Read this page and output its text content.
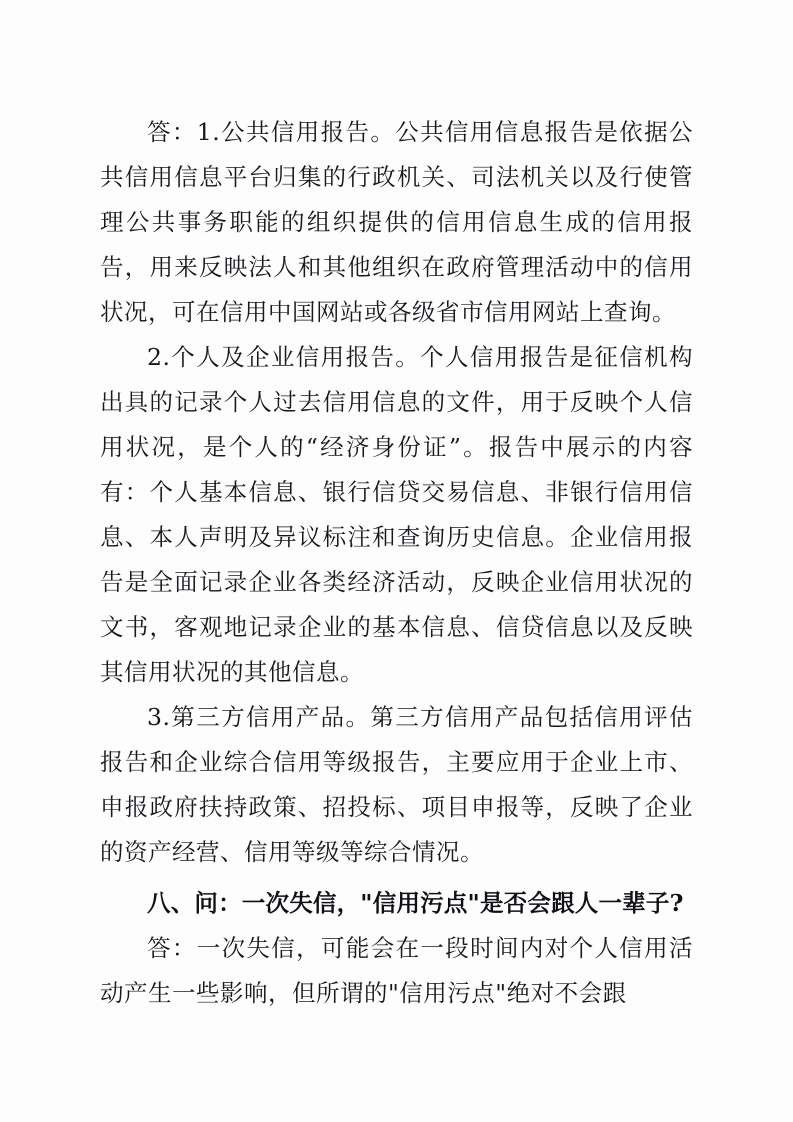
答：1.公共信用报告。公共信用信息报告是依据公共信用信息平台归集的行政机关、司法机关以及行使管理公共事务职能的组织提供的信用信息生成的信用报告，用来反映法人和其他组织在政府管理活动中的信用状况，可在信用中国网站或各级省市信用网站上查询。

2.个人及企业信用报告。个人信用报告是征信机构出具的记录个人过去信用信息的文件，用于反映个人信用状况，是个人的“经济身份证”。报告中展示的内容有：个人基本信息、银行信贷交易信息、非银行信用信息、本人声明及异议标注和查询历史信息。企业信用报告是全面记录企业各类经济活动，反映企业信用状况的文书，客观地记录企业的基本信息、信贷信息以及反映其信用状况的其他信息。

3.第三方信用产品。第三方信用产品包括信用评估报告和企业综合信用等级报告，主要应用于企业上市、申报政府扶持政策、招投标、项目申报等，反映了企业的资产经营、信用等级等综合情况。

八、问：一次失信，"信用污点"是否会跟人一辈子?

答：一次失信，可能会在一段时间内对个人信用活动产生一些影响，但所谓的"信用污点"绝对不会跟
